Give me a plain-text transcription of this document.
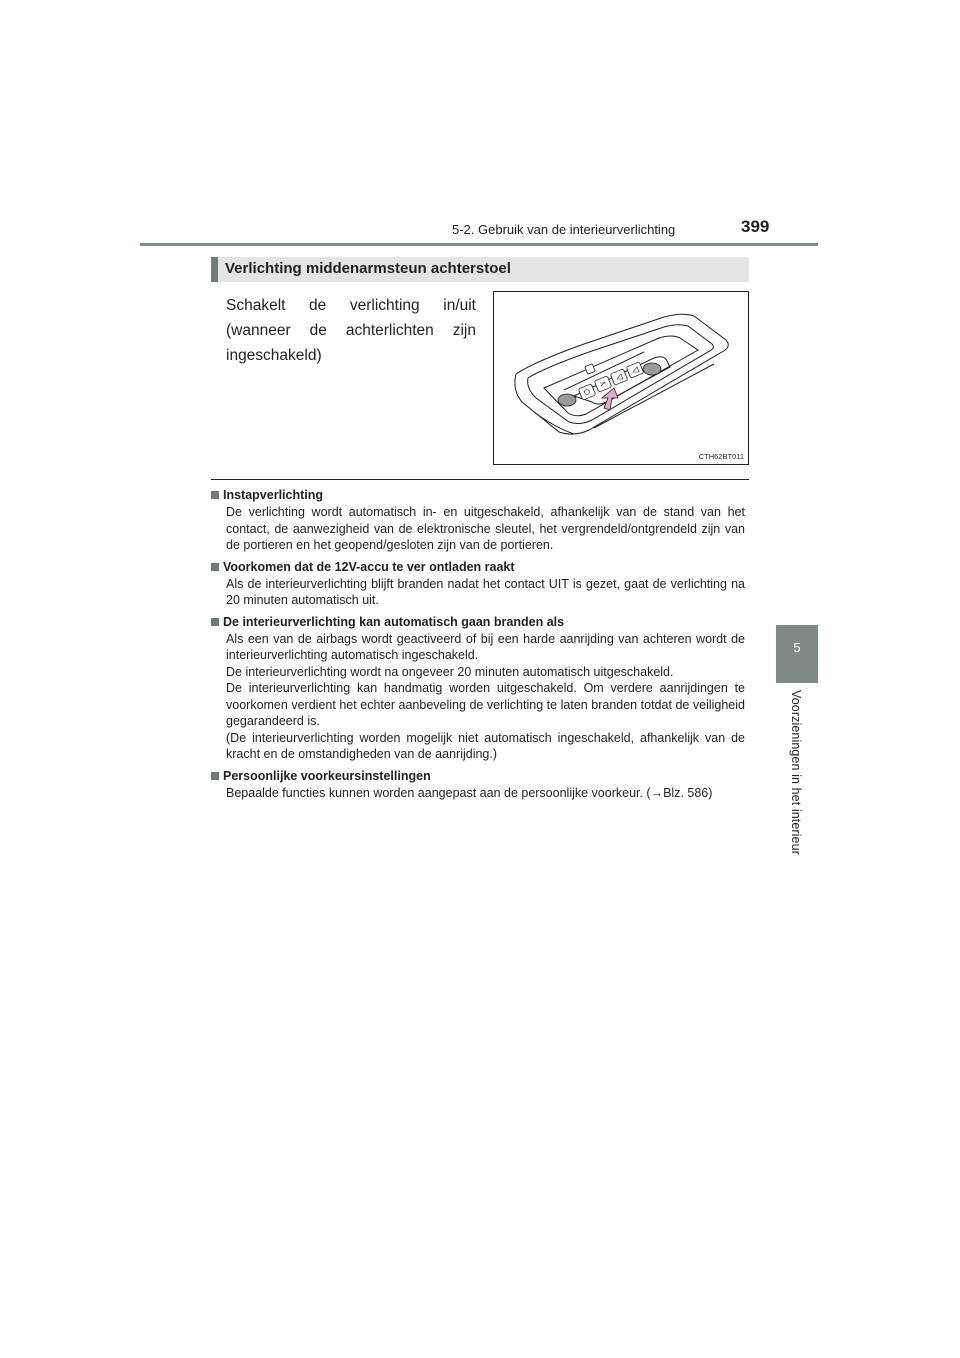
5-2. Gebruik van de interieurverlichting	399
5
Voorzieningen in het interieur
Verlichting middenarmsteun achterstoel
Schakelt de verlichting in/uit (wanneer de achterlichten zijn ingeschakeld)
CTH62BT011
Instapverlichting
De verlichting wordt automatisch in- en uitgeschakeld, afhankelijk van de stand van het contact, de aanwezigheid van de elektronische sleutel, het vergrendeld/ontgrendeld zijn van de portieren en het geopend/gesloten zijn van de portieren.
Voorkomen dat de 12V-accu te ver ontladen raakt
Als de interieurverlichting blijft branden nadat het contact UIT is gezet, gaat de verlichting na 20 minuten automatisch uit.
De interieurverlichting kan automatisch gaan branden als
Als een van de airbags wordt geactiveerd of bij een harde aanrijding van achteren wordt de interieurverlichting automatisch ingeschakeld.
De interieurverlichting wordt na ongeveer 20 minuten automatisch uitgeschakeld.
De interieurverlichting kan handmatig worden uitgeschakeld. Om verdere aanrijdingen te voorkomen verdient het echter aanbeveling de verlichting te laten branden totdat de veiligheid gegarandeerd is.
(De interieurverlichting worden mogelijk niet automatisch ingeschakeld, afhankelijk van de kracht en de omstandigheden van de aanrijding.)
Persoonlijke voorkeursinstellingen
Bepaalde functies kunnen worden aangepast aan de persoonlijke voorkeur. (→Blz. 586)
